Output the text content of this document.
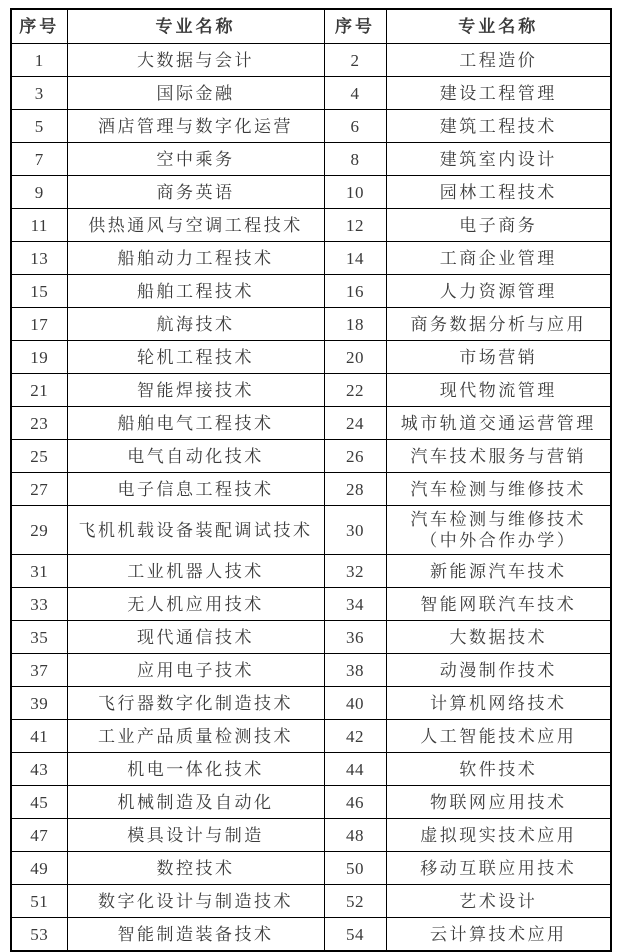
序号	专业名称	序号	专业名称
1	大数据与会计	2	工程造价
3	国际金融	4	建设工程管理
5	酒店管理与数字化运营	6	建筑工程技术
7	空中乘务	8	建筑室内设计
9	商务英语	10	园林工程技术
11	供热通风与空调工程技术	12	电子商务
13	船舶动力工程技术	14	工商企业管理
15	船舶工程技术	16	人力资源管理
17	航海技术	18	商务数据分析与应用
19	轮机工程技术	20	市场营销
21	智能焊接技术	22	现代物流管理
23	船舶电气工程技术	24	城市轨道交通运营管理
25	电气自动化技术	26	汽车技术服务与营销
27	电子信息工程技术	28	汽车检测与维修技术
29	飞机机载设备装配调试技术	30	汽车检测与维修技术（中外合作办学）
31	工业机器人技术	32	新能源汽车技术
33	无人机应用技术	34	智能网联汽车技术
35	现代通信技术	36	大数据技术
37	应用电子技术	38	动漫制作技术
39	飞行器数字化制造技术	40	计算机网络技术
41	工业产品质量检测技术	42	人工智能技术应用
43	机电一体化技术	44	软件技术
45	机械制造及自动化	46	物联网应用技术
47	模具设计与制造	48	虚拟现实技术应用
49	数控技术	50	移动互联应用技术
51	数字化设计与制造技术	52	艺术设计
53	智能制造装备技术	54	云计算技术应用
